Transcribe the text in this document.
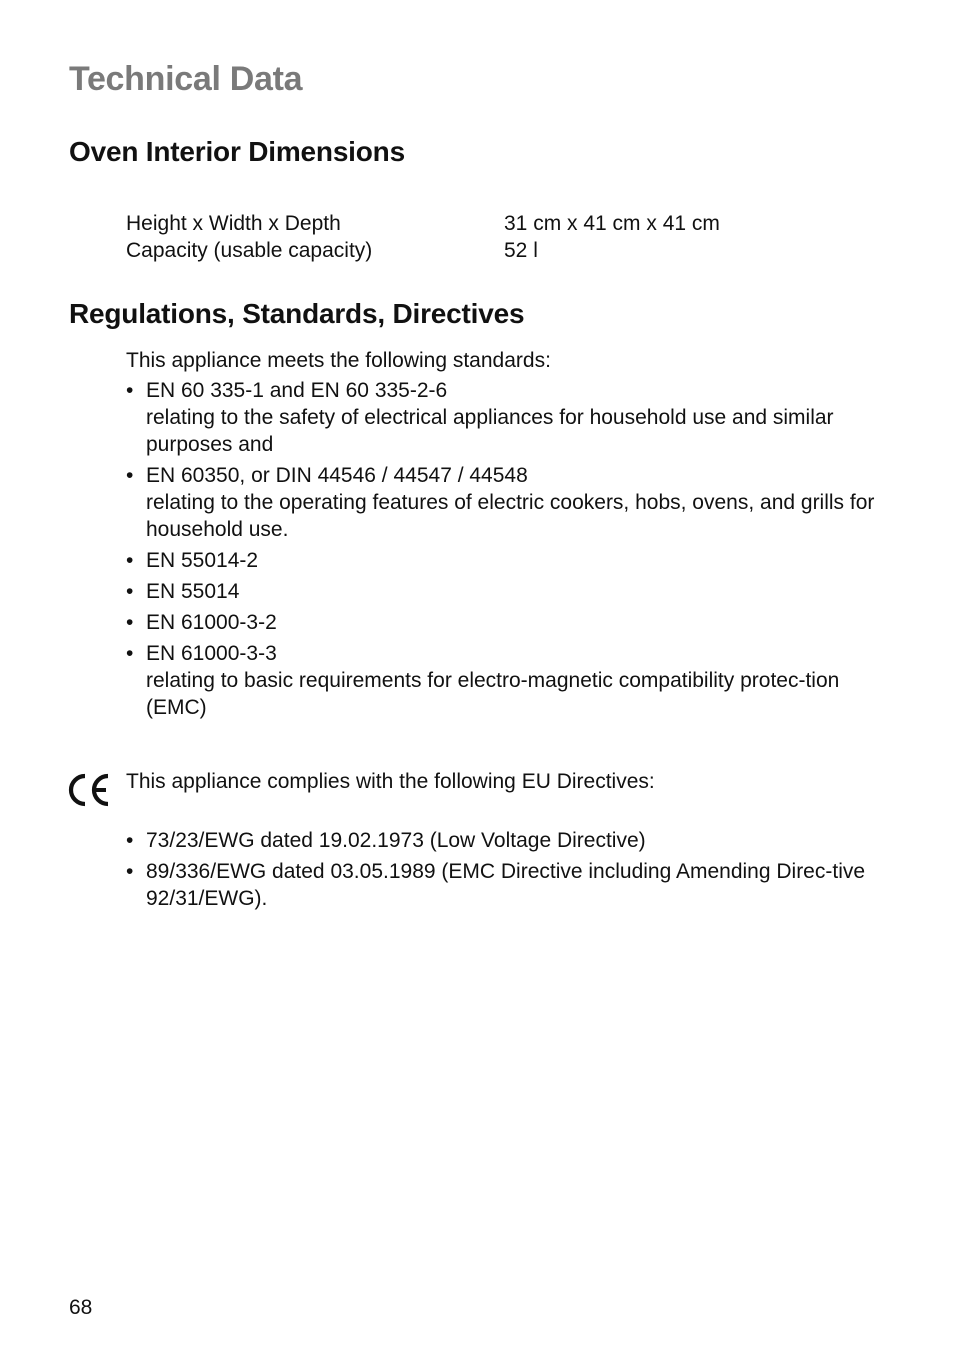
Technical Data
Oven Interior Dimensions
Height x Width x Depth	31 cm x 41 cm x 41 cm
Capacity (usable capacity)	52 l
Regulations, Standards, Directives
This appliance meets the following standards:
• EN 60 335-1 and EN 60 335-2-6
relating to the safety of electrical appliances for household use and similar purposes and
• EN 60350, or DIN 44546 / 44547 / 44548
relating to the operating features of electric cookers, hobs, ovens, and grills for household use.
• EN 55014-2
• EN 55014
• EN 61000-3-2
• EN 61000-3-3
relating to basic requirements for electro-magnetic compatibility protec-tion (EMC)
This appliance complies with the following EU Directives:
• 73/23/EWG dated 19.02.1973 (Low Voltage Directive)
• 89/336/EWG dated 03.05.1989 (EMC Directive including Amending Direc-tive 92/31/EWG).
68
